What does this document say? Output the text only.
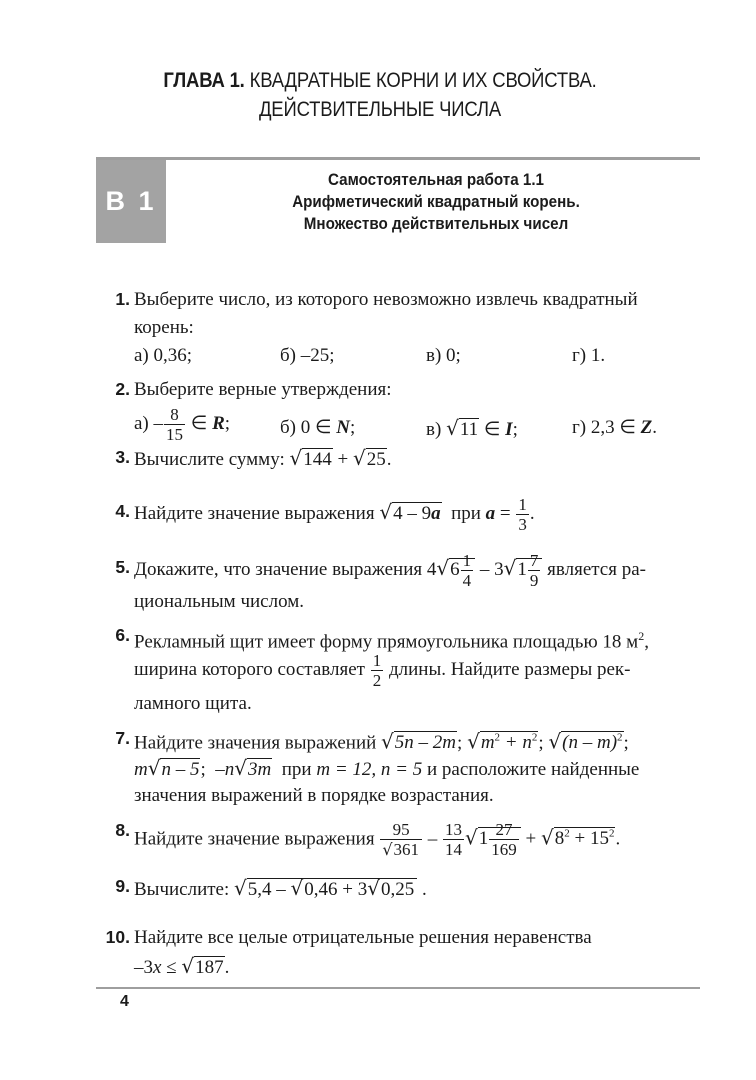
ГЛАВА 1. КВАДРАТНЫЕ КОРНИ И ИХ СВОЙСТВА.
ДЕЙСТВИТЕЛЬНЫЕ ЧИСЛА
В 1
Самостоятельная работа 1.1
Арифметический квадратный корень.
Множество действительных чисел
1. Выберите число, из которого невозможно извлечь квадратный
корень:
а) 0,36;	б) –25;	в) 0;	г) 1.
2. Выберите верные утверждения:
$а) - \frac{8}{15}$ ∈ R;	б) 0 ∈ N;	в) √11 ∈ I;	г) 2,3 ∈ Z.
3. Вычислите сумму: √144 + √25.
4. Найдите значение выражения √4 – 9a при $a = \frac{1}{3}$ .
5. Докажите, что значение выражения $4√6 \frac{1}{4} - 3√1 \frac{7}{9}$ является ра-
циональным числом.
6. Рекламный щит имеет форму прямоугольника площадью 18 $м^2$,
ширина которого составляет $\frac{1}{2}$ длины. Найдите размеры рек-
ламного щита.
7. Найдите значения выражений √5n – 2m; $√m^2 + n^2$; √(n – m)$^2$;
m√n – 5;  –n√3m при m = 12, n = 5 и расположите найденные
значения выражений в порядке возрастания.
8. Найдите значение выражения $\frac{95}{√361} - \frac{13}{14} √1 \frac{27}{169} + √8^2 + 15^2$.
9. Вычислите: √5,4 – √0,46 + 3√0,25 .
10. Найдите все целые отрицательные решения неравенства
–3x ≤ √187.
4
